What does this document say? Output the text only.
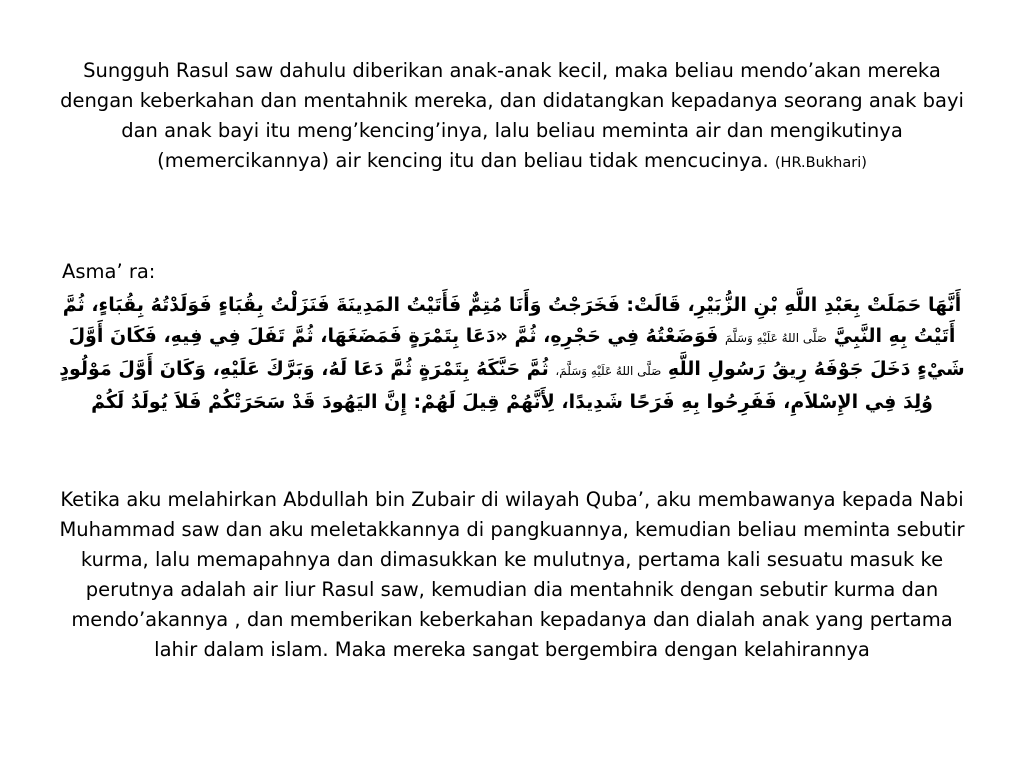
Sungguh Rasul saw dahulu diberikan anak-anak kecil, maka beliau mendo’akan mereka dengan keberkahan dan mentahnik mereka, dan didatangkan kepadanya seorang anak bayi dan anak bayi itu meng’kencing’inya, lalu beliau meminta air dan mengikutinya (memercikannya) air kencing itu dan beliau tidak mencucinya. (HR.Bukhari)

Asma’ ra:

أَنَّهَا حَمَلَتْ بِعَبْدِ اللَّهِ بْنِ الزُّبَيْرِ، قَالَتْ: فَخَرَجْتُ وَأَنَا مُتِمٌّ فَأَتَيْتُ المَدِينَةَ فَنَزَلْتُ بِقُبَاءٍ فَوَلَدْتُهُ بِقُبَاءٍ، ثُمَّ أَتَيْتُ بِهِ النَّبِيَّ صَلَّى اللهُ عَلَيْهِ وَسَلَّمَ فَوَضَعْتُهُ فِي حَجْرِهِ، ثُمَّ «دَعَا بِتَمْرَةٍ فَمَضَغَهَا، ثُمَّ تَفَلَ فِي فِيهِ، فَكَانَ أَوَّلَ شَيْءٍ دَخَلَ جَوْفَهُ رِيقُ رَسُولِ اللَّهِ صَلَّى اللهُ عَلَيْهِ وَسَلَّمَ، ثُمَّ حَنَّكَهُ بِتَمْرَةٍ ثُمَّ دَعَا لَهُ، وَبَرَّكَ عَلَيْهِ، وَكَانَ أَوَّلَ مَوْلُودٍ وُلِدَ فِي الإِسْلاَمِ، فَفَرِحُوا بِهِ فَرَحًا شَدِيدًا، لِأَنَّهُمْ قِيلَ لَهُمْ: إِنَّ اليَهُودَ قَدْ سَحَرَتْكُمْ فَلاَ يُولَدُ لَكُمْ

Ketika aku melahirkan Abdullah bin Zubair di wilayah Quba’, aku membawanya kepada Nabi Muhammad saw dan aku meletakkannya di pangkuannya, kemudian beliau meminta sebutir kurma, lalu memapahnya dan dimasukkan ke mulutnya, pertama kali sesuatu masuk ke perutnya adalah air liur Rasul saw, kemudian dia mentahnik dengan sebutir kurma dan mendo’akannya , dan memberikan keberkahan kepadanya dan dialah anak yang pertama lahir dalam islam. Maka mereka sangat bergembira dengan kelahirannya
